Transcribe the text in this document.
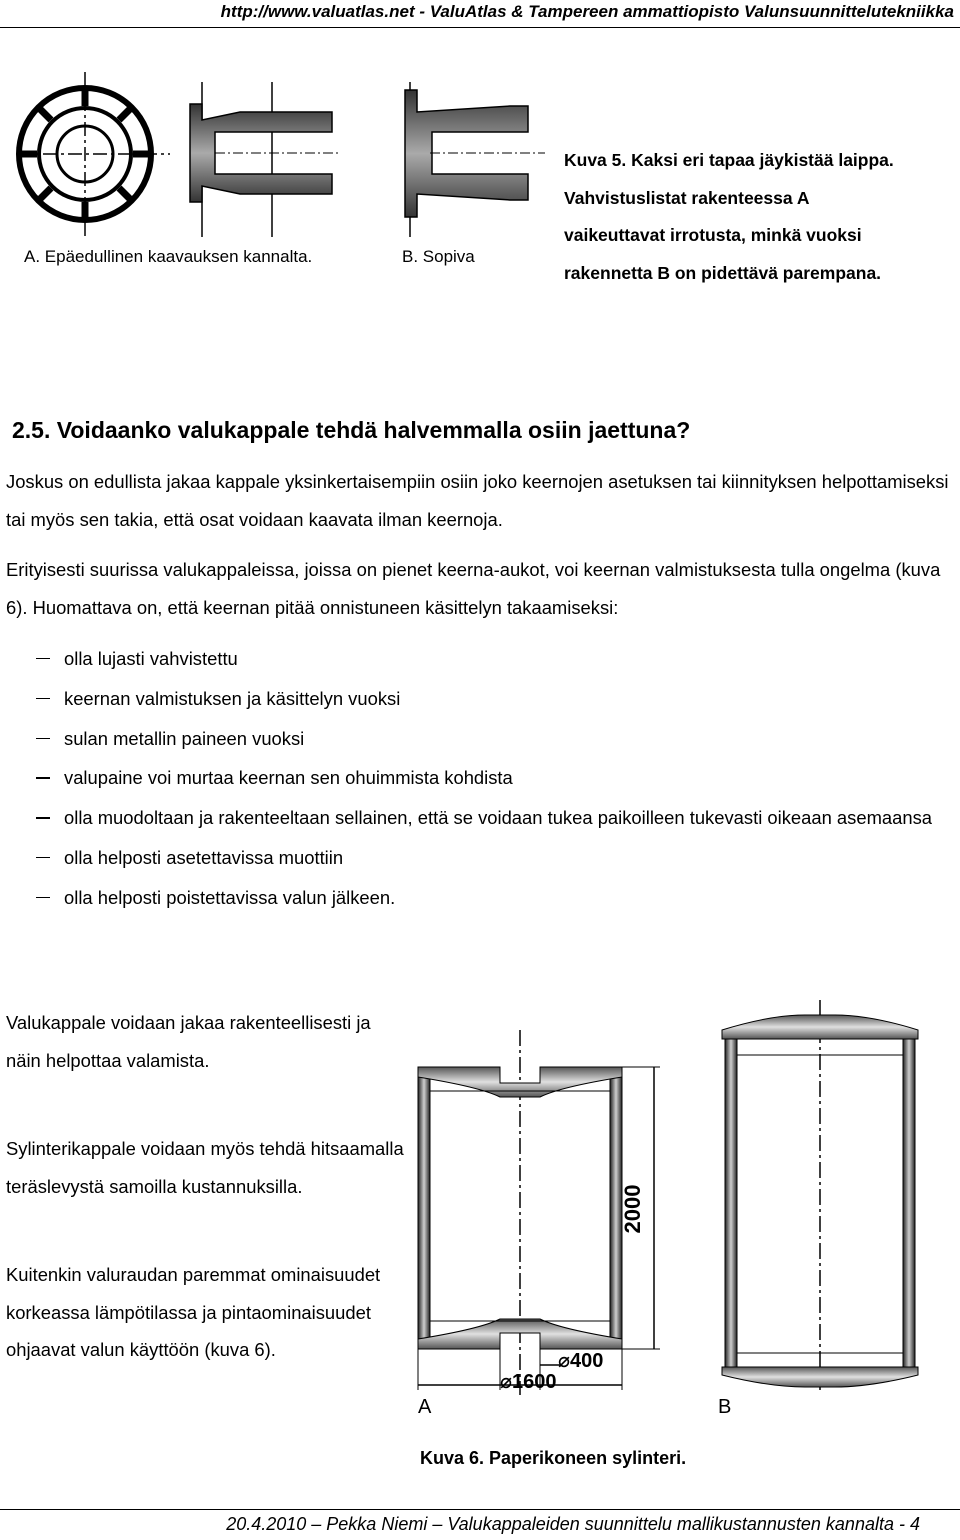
http://www.valuatlas.net - ValuAtlas & Tampereen ammattiopisto Valunsuunnittelutekniikka
A. Epäedullinen kaavauksen kannalta.	B. Sopiva
Kuva 5. Kaksi eri tapaa jäykistää laippa.
Vahvistuslistat rakenteessa A
vaikeuttavat irrotusta, minkä vuoksi
rakennetta B on pidettävä parempana.
2.5. Voidaanko valukappale tehdä halvemmalla osiin jaettuna?
Joskus on edullista jakaa kappale yksinkertaisempiin osiin joko keernojen asetuksen tai kiinnityksen helpottamiseksi tai myös sen takia, että osat voidaan kaavata ilman keernoja.
Erityisesti suurissa valukappaleissa, joissa on pienet keerna-aukot, voi keernan valmistuksesta tulla ongelma (kuva 6). Huomattava on, että keernan pitää onnistuneen käsittelyn takaamiseksi:
olla lujasti vahvistettu
keernan valmistuksen ja käsittelyn vuoksi
sulan metallin paineen vuoksi
valupaine voi murtaa keernan sen ohuimmista kohdista
olla muodoltaan ja rakenteeltaan sellainen, että se voidaan tukea paikoilleen tukevasti oikeaan asemaansa
olla helposti asetettavissa muottiin
olla helposti poistettavissa valun jälkeen.
Valukappale voidaan jakaa rakenteellisesti ja näin helpottaa valamista.
Sylinterikappale voidaan myös tehdä hitsaamalla teräslevystä samoilla kustannuksilla.
Kuitenkin valuraudan paremmat ominaisuudet korkeassa lämpötilassa ja pintaominaisuudet ohjaavat valun käyttöön (kuva 6).
2000
⌀400
⌀1600
A	B
Kuva 6. Paperikoneen sylinteri.
20.4.2010 – Pekka Niemi – Valukappaleiden suunnittelu mallikustannusten kannalta - 4
